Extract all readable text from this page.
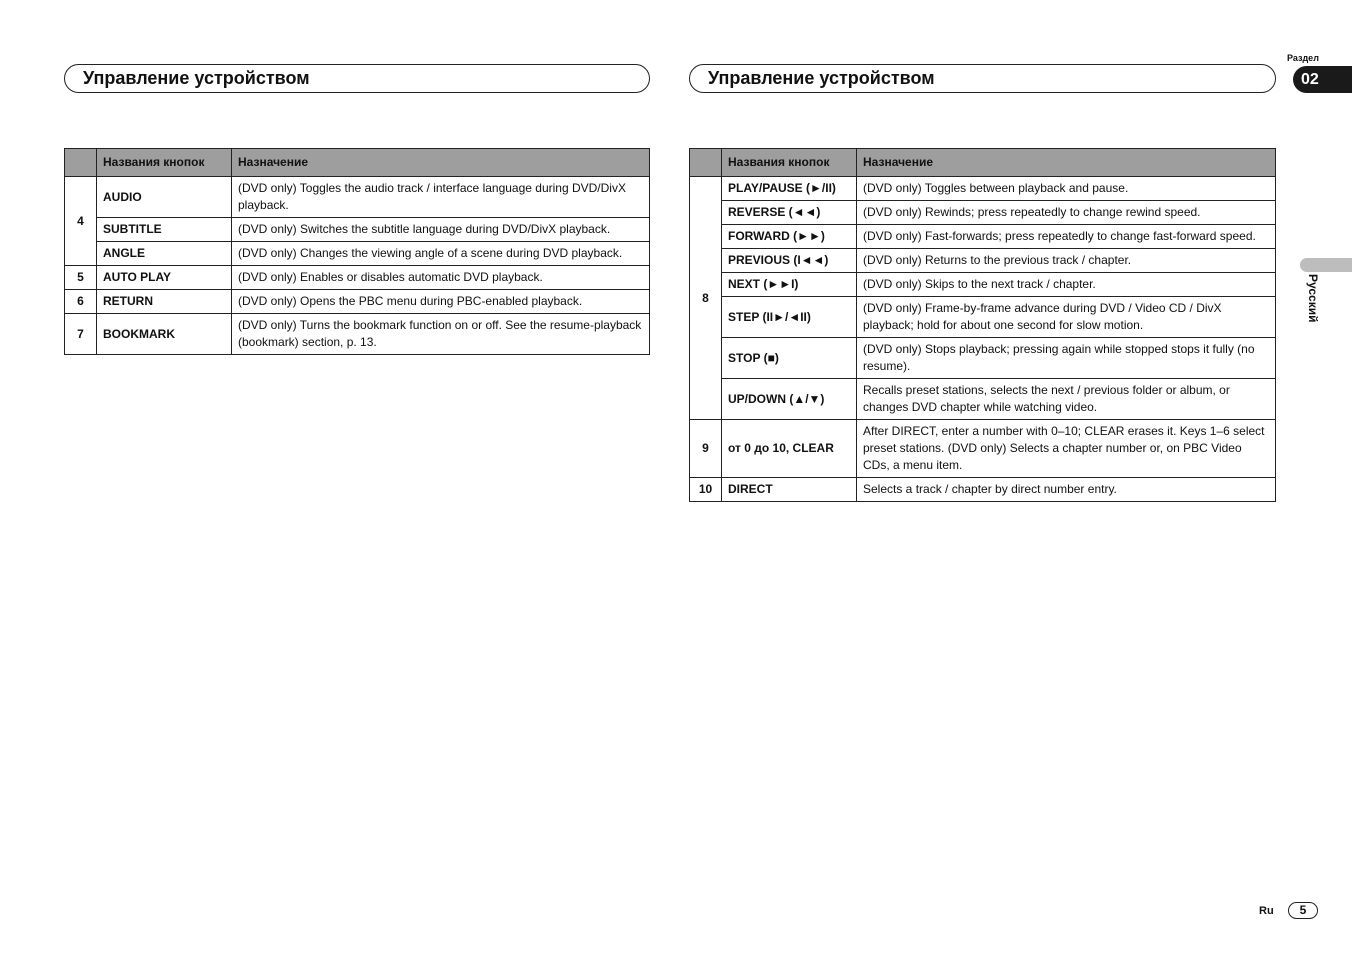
Управление устройством	Управление устройством
Раздел
02
Русский
	Названия кнопок	Назначение
4	AUDIO	(DVD only) Toggles the audio track / interface language during DVD/DivX playback.
	SUBTITLE	(DVD only) Switches the subtitle language during DVD/DivX playback.
	ANGLE	(DVD only) Changes the viewing angle of a scene during DVD playback.
5	AUTO PLAY	(DVD only) Enables or disables automatic DVD playback.
6	RETURN	(DVD only) Opens the PBC menu during PBC-enabled playback.
7	BOOKMARK	(DVD only) Turns the bookmark function on or off. See the resume-playback (bookmark) section, p. 13.
	Названия кнопок	Назначение
8	PLAY/PAUSE (►/II)	(DVD only) Toggles between playback and pause.
	REVERSE (◄◄)	(DVD only) Rewinds; press repeatedly to change rewind speed.
	FORWARD (►►)	(DVD only) Fast-forwards; press repeatedly to change fast-forward speed.
	PREVIOUS (I◄◄)	(DVD only) Returns to the previous track / chapter.
	NEXT (►►I)	(DVD only) Skips to the next track / chapter.
	STEP (II►/◄II)	(DVD only) Frame-by-frame advance during DVD / Video CD / DivX playback; hold for about one second for slow motion.
	STOP (■)	(DVD only) Stops playback; pressing again while stopped stops it fully (no resume).
	UP/DOWN (▲/▼)	Recalls preset stations, selects the next / previous folder or album, or changes DVD chapter while watching video.
9	от 0 до 10, CLEAR	After DIRECT, enter a number with 0–10; CLEAR erases it. Keys 1–6 select preset stations. (DVD only) Selects a chapter number or, on PBC Video CDs, a menu item.
10	DIRECT	Selects a track / chapter by direct number entry.
Ru	5
